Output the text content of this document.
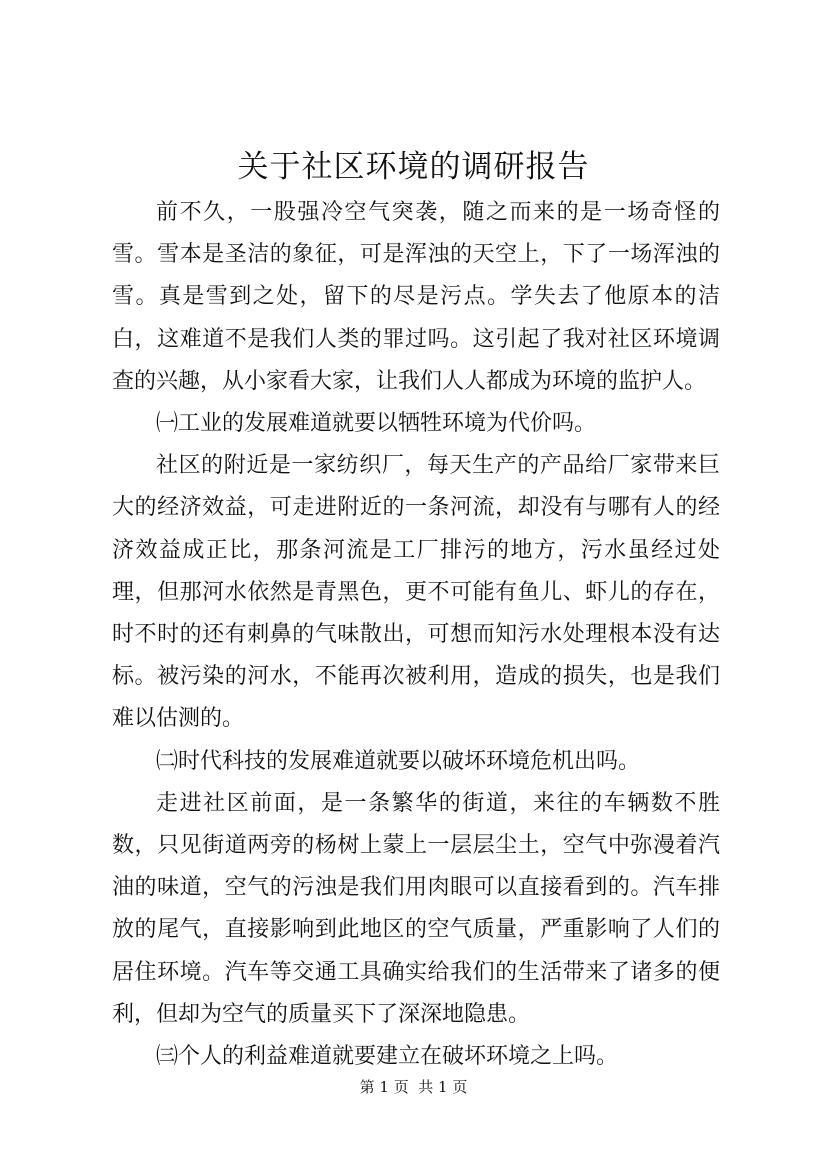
关于社区环境的调研报告

前不久，一股强冷空气突袭，随之而来的是一场奇怪的雪。雪本是圣洁的象征，可是浑浊的天空上，下了一场浑浊的雪。真是雪到之处，留下的尽是污点。学失去了他原本的洁白，这难道不是我们人类的罪过吗。这引起了我对社区环境调查的兴趣，从小家看大家，让我们人人都成为环境的监护人。

㈠工业的发展难道就要以牺牲环境为代价吗。

社区的附近是一家纺织厂，每天生产的产品给厂家带来巨大的经济效益，可走进附近的一条河流，却没有与哪有人的经济效益成正比，那条河流是工厂排污的地方，污水虽经过处理，但那河水依然是青黑色，更不可能有鱼儿、虾儿的存在，时不时的还有刺鼻的气味散出，可想而知污水处理根本没有达标。被污染的河水，不能再次被利用，造成的损失，也是我们难以估测的。

㈡时代科技的发展难道就要以破坏环境危机出吗。

走进社区前面，是一条繁华的街道，来往的车辆数不胜数，只见街道两旁的杨树上蒙上一层层尘土，空气中弥漫着汽油的味道，空气的污浊是我们用肉眼可以直接看到的。汽车排放的尾气，直接影响到此地区的空气质量，严重影响了人们的居住环境。汽车等交通工具确实给我们的生活带来了诸多的便利，但却为空气的质量买下了深深地隐患。

㈢个人的利益难道就要建立在破坏环境之上吗。

第 1 页  共 1 页
